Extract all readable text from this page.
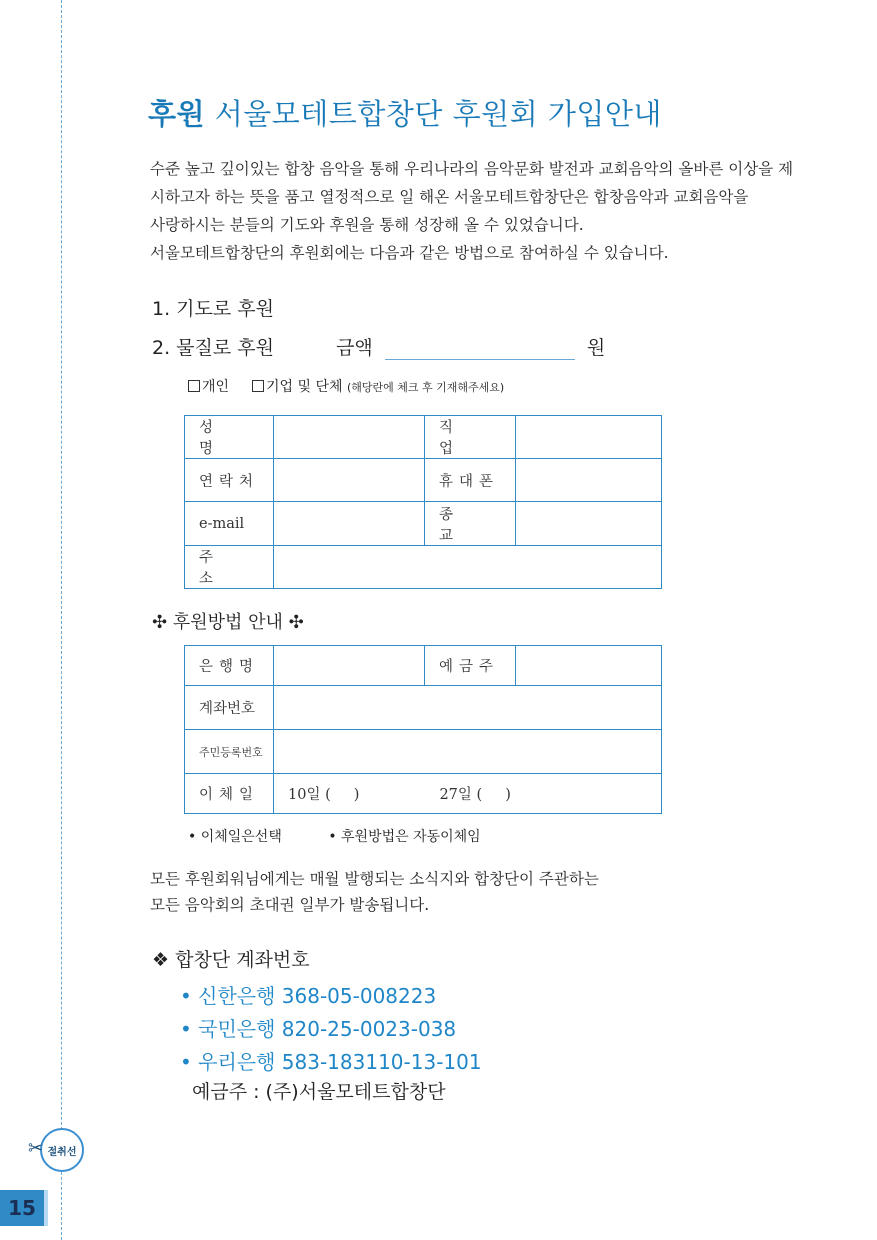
후원 서울모테트합창단 후원회 가입안내
수준 높고 깊이있는 합창 음악을 통해 우리나라의 음악문화 발전과 교회음악의 올바른 이상을 제
시하고자 하는 뜻을 품고 열정적으로 일 해온 서울모테트합창단은 합창음악과 교회음악을
사랑하시는 분들의 기도와 후원을 통해 성장해 올 수 있었습니다.
서울모테트합창단의 후원회에는 다음과 같은 방법으로 참여하실 수 있습니다.
1. 기도로 후원
2. 물질로 후원	금액	원
개인	기업 및 단체 (해당란에 체크 후 기재해주세요)
성 명		직 업	
연락처		휴대폰	
e-mail		종 교	
주 소			
✣ 후원방법 안내 ✣
은행명		예금주	
계좌번호			
주민등록번호			
이체일	10일 (     ) 27일 (     )		
• 이체일은선택	• 후원방법은 자동이체임
모든 후원회워님에게는 매월 발행되는 소식지와 합창단이 주관하는
모든 음악회의 초대권 일부가 발송됩니다.
❖ 합창단 계좌번호
• 신한은행 368-05-008223
• 국민은행 820-25-0023-038
• 우리은행 583-183110-13-101
예금주 : (주)서울모테트합창단
절취선
✂
15
